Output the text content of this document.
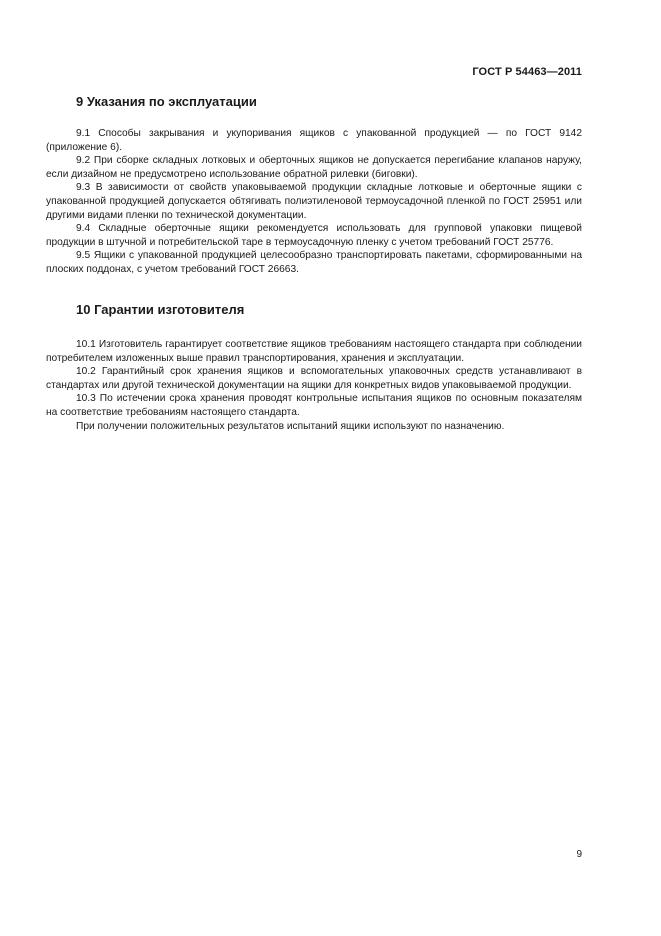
ГОСТ Р 54463—2011
9 Указания по эксплуатации

9.1 Способы закрывания и укупоривания ящиков с упакованной продукцией — по ГОСТ 9142 (приложение 6).

9.2 При сборке складных лотковых и оберточных ящиков не допускается перегибание клапанов наружу, если дизайном не предусмотрено использование обратной рилевки (биговки).

9.3 В зависимости от свойств упаковываемой продукции складные лотковые и оберточные ящики с упакованной продукцией допускается обтягивать полиэтиленовой термоусадочной пленкой по ГОСТ 25951 или другими видами пленки по технической документации.

9.4 Складные оберточные ящики рекомендуется использовать для групповой упаковки пищевой продукции в штучной и потребительской таре в термоусадочную пленку с учетом требований ГОСТ 25776.

9.5 Ящики с упакованной продукцией целесообразно транспортировать пакетами, сформированными на плоских поддонах, с учетом требований ГОСТ 26663.

10 Гарантии изготовителя

10.1 Изготовитель гарантирует соответствие ящиков требованиям настоящего стандарта при соблюдении потребителем изложенных выше правил транспортирования, хранения и эксплуатации.

10.2 Гарантийный срок хранения ящиков и вспомогательных упаковочных средств устанавливают в стандартах или другой технической документации на ящики для конкретных видов упаковываемой продукции.

10.3 По истечении срока хранения проводят контрольные испытания ящиков по основным показателям на соответствие требованиям настоящего стандарта.

При получении положительных результатов испытаний ящики используют по назначению.

9
